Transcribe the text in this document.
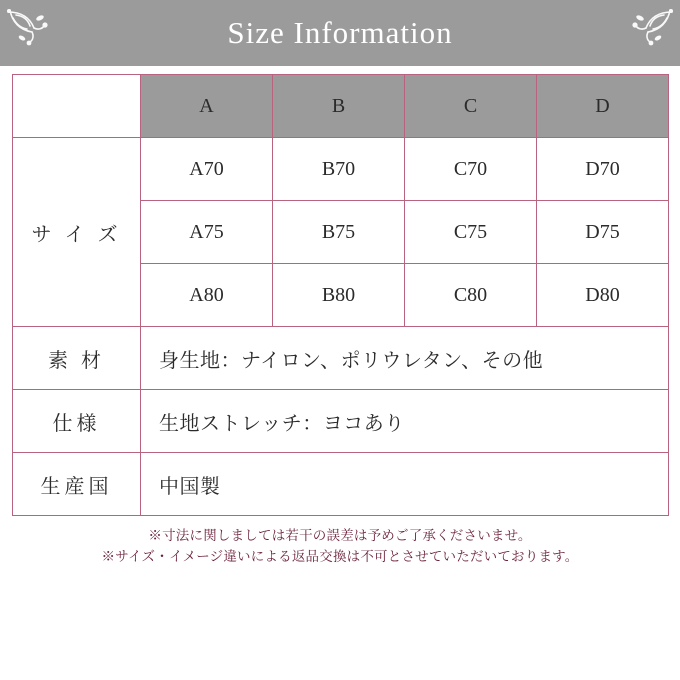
Size Information
	A	B	C	D
サ イ ズ	A70	B70	C70	D70
	A75	B75	C75	D75
	A80	B80	C80	D80
素 材	身生地：ナイロン、ポリウレタン、その他			
仕様	生地ストレッチ：ヨコあり			
生産国	中国製			
※寸法に関しましては若干の誤差は予めご了承くださいませ。
※サイズ・イメージ違いによる返品交換は不可とさせていただいております。
